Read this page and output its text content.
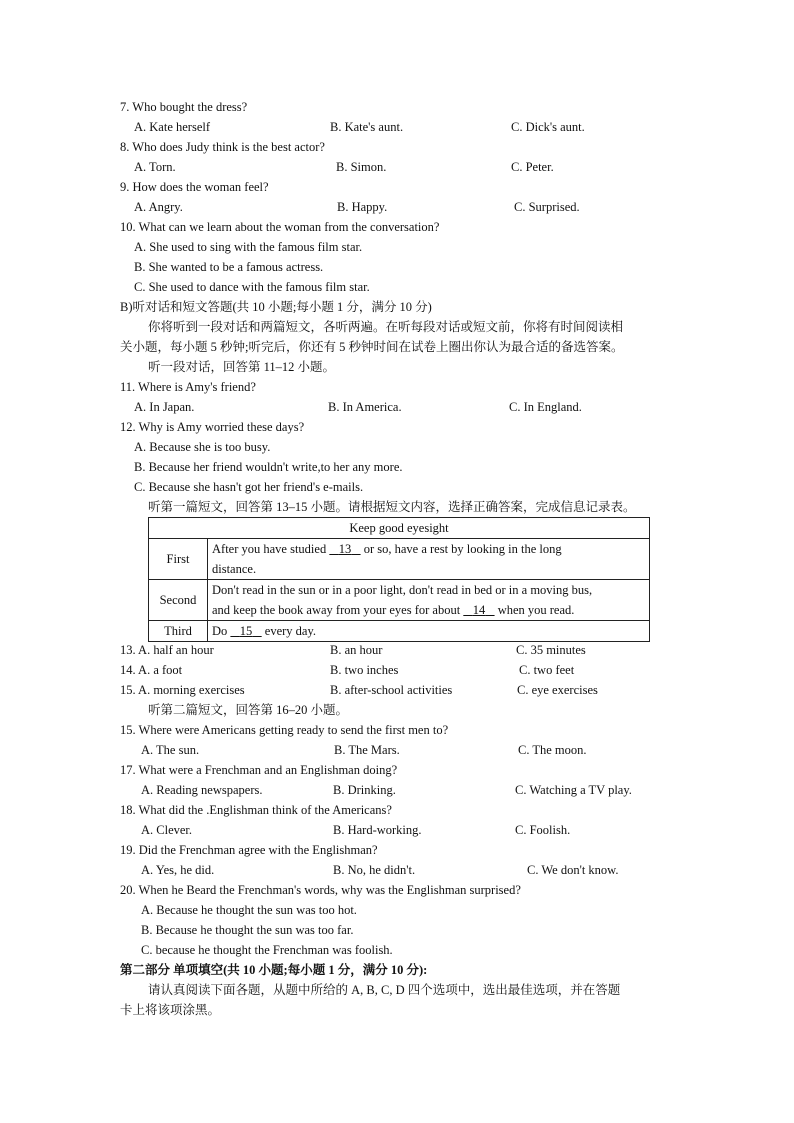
7. Who bought the dress?
A. Kate herself	B. Kate's aunt.	C. Dick's aunt.
8. Who does Judy think is the best actor?
A. Torn.	B. Simon.	C. Peter.
9. How does the woman feel?
A. Angry.	B. Happy.	C. Surprised.
10. What can we learn about the woman from the conversation?
A. She used to sing with the famous film star.
B. She wanted to be a famous actress.
C. She used to dance with the famous film star.
B)听对话和短文答题(共 10 小题;每小题 1 分，满分 10 分)
你将听到一段对话和两篇短文，各听两遍。在听每段对话或短文前，你将有时间阅读相
关小题，每小题 5 秒钟;听完后，你还有 5 秒钟时间在试卷上圈出你认为最合适的备选答案。
听一段对话，回答第 11–12 小题。
11. Where is Amy's friend?
A. In Japan.	B. In America.	C. In England.
12. Why is Amy worried these days?
A. Because she is too busy.
B. Because her friend wouldn't write,to her any more.
C. Because she hasn't got her friend's e-mails.
听第一篇短文，回答第 13–15 小题。请根据短文内容，选择正确答案，完成信息记录表。
Keep good eyesight	
First	After you have studied    13    or so, have a rest by looking in the long
distance.
Second	Don't read in the sun or in a poor light, don't read in bed or in a moving bus,
and keep the book away from your eyes for about    14    when you read.
Third	Do    15    every day.
13. A. half an hour	B. an hour	C. 35 minutes
14. A. a foot	B. two inches	C. two feet
15. A. morning exercises	B. after-school activities	C. eye exercises
听第二篇短文，回答第 16–20 小题。
15. Where were Americans getting ready to send the first men to?
A. The sun.	B. The Mars.	C. The moon.
17. What were a Frenchman and an Englishman doing?
A. Reading newspapers.	B. Drinking.	C. Watching a TV play.
18. What did the .Englishman think of the Americans?
A. Clever.	B. Hard-working.	C. Foolish.
19. Did the Frenchman agree with the Englishman?
A. Yes, he did.	B. No, he didn't.	C. We don't know.
20. When he Beard the Frenchman's words, why was the Englishman surprised?
A. Because he thought the sun was too hot.
B. Because he thought the sun was too far.
C. because he thought the Frenchman was foolish.
第二部分 单项填空(共 10 小题;每小题 1 分，满分 10 分):
请认真阅读下面各题，从题中所给的 A, B, C, D 四个选项中，选出最佳选项，并在答题
卡上将该项涂黑。
